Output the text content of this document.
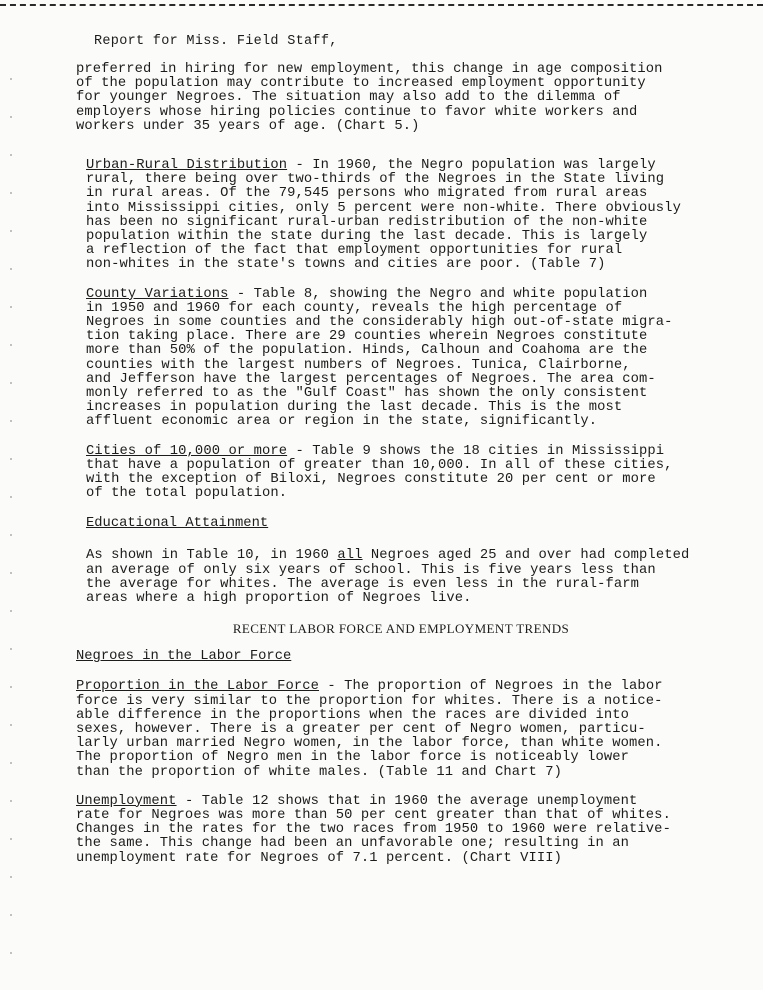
Report for Miss. Field Staff,

preferred in hiring for new employment, this change in age composition
of the population may contribute to increased employment opportunity
for younger Negroes. The situation may also add to the dilemma of
employers whose hiring policies continue to favor white workers and
workers under 35 years of age. (Chart 5.)

Urban-Rural Distribution - In 1960, the Negro population was largely
rural, there being over two-thirds of the Negroes in the State living
in rural areas. Of the 79,545 persons who migrated from rural areas
into Mississippi cities, only 5 percent were non-white. There obviously
has been no significant rural-urban redistribution of the non-white
population within the state during the last decade. This is largely
a reflection of the fact that employment opportunities for rural
non-whites in the state's towns and cities are poor. (Table 7)

County Variations - Table 8, showing the Negro and white population
in 1950 and 1960 for each county, reveals the high percentage of
Negroes in some counties and the considerably high out-of-state migra-
tion taking place. There are 29 counties wherein Negroes constitute
more than 50% of the population. Hinds, Calhoun and Coahoma are the
counties with the largest numbers of Negroes. Tunica, Clairborne,
and Jefferson have the largest percentages of Negroes. The area com-
monly referred to as the "Gulf Coast" has shown the only consistent
increases in population during the last decade. This is the most
affluent economic area or region in the state, significantly.

Cities of 10,000 or more - Table 9 shows the 18 cities in Mississippi
that have a population of greater than 10,000. In all of these cities,
with the exception of Biloxi, Negroes constitute 20 per cent or more
of the total population.

Educational Attainment

As shown in Table 10, in 1960 all Negroes aged 25 and over had completed
an average of only six years of school. This is five years less than
the average for whites. The average is even less in the rural-farm
areas where a high proportion of Negroes live.

RECENT LABOR FORCE AND EMPLOYMENT TRENDS
Negroes in the Labor Force

Proportion in the Labor Force - The proportion of Negroes in the labor
force is very similar to the proportion for whites. There is a notice-
able difference in the proportions when the races are divided into
sexes, however. There is a greater per cent of Negro women, particu-
larly urban married Negro women, in the labor force, than white women.
The proportion of Negro men in the labor force is noticeably lower
than the proportion of white males. (Table 11 and Chart 7)

Unemployment - Table 12 shows that in 1960 the average unemployment
rate for Negroes was more than 50 per cent greater than that of whites.
Changes in the rates for the two races from 1950 to 1960 were relative-
the same. This change had been an unfavorable one; resulting in an
unemployment rate for Negroes of 7.1 percent. (Chart VIII)
